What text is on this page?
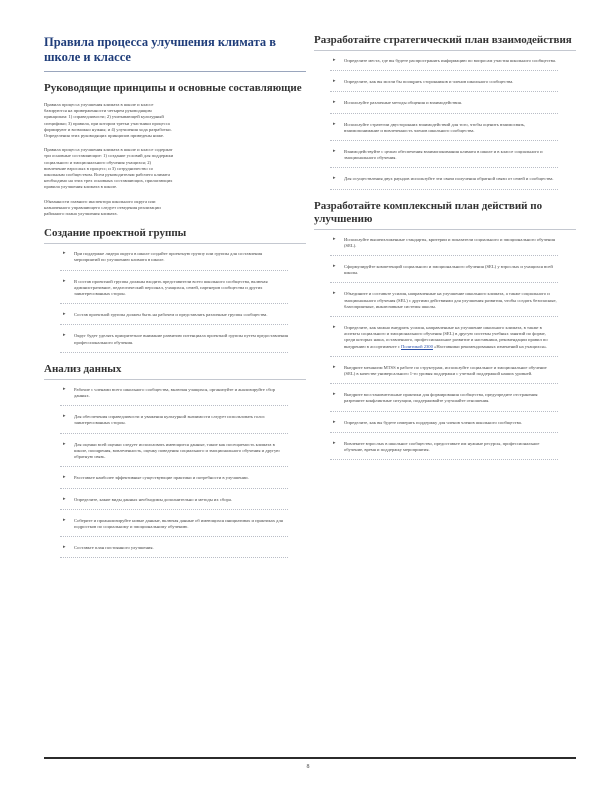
Правила процесса улучшения климата в школе и классе
Руководящие принципы и основные составляющие
Правила процесса улучшения климата в школе и классе базируются на приверженности четырем руководящим принципам: 1) справедливости; 2) учитывающей культурный специфики; 3) правила, при котором третьи участники процесса формируют и возможно нужны; и 4) улучшения хода разработки. Определения этих руководящих принципов приведены ниже.
Правила процесса улучшения климата в школе и классе содержат три основные составляющие: 1) создание условий для поддержки социального и эмоционального обучения учащихся; 2) вовлечение взрослых в процесс; и 3) сотрудничество со школьным сообществом. Всем руководителям рабочего климата необходимо на этих трех основных составляющих, прилагающих правила улучшения климата в школе.
Обязанности главного инспектора школьного округа или назначенного управляющего следует отведения реализации районного плана улучшения климата.
Создание проектной группы
▸ При поддержке лидера округа в школе создайте проектную группу или группы для составления мероприятий по улучшению климата в школе.
▸ В состав проектной группы должны входить представители всего школьного сообщества, включая административное, педагогический персонал, учащихся, семей, партнеров сообщества и других заинтересованных сторон.
▸ Состав проектной группы должен быть на рабочем и представлять различные группы сообщества.
▸ Округ будет уделять приоритетное внимание развитию потенциала проектной группы путем предоставления профессионального обучения.
Анализ данных
▸ Рабочие с членами всего школьного сообщества, включая учащихся, организуйте и анализируйте сбор данных.
▸ Для обеспечения справедливости и уважения культурной значимости следует использовать голос заинтересованных сторон.
▸ Для оценки всей оценки следует использовать имеющиеся данные, такие как посещаемость климата в школе, поощрения, вовлеченность, оценку поведения социального и эмоционального обучения и другую обратную связь.
▸ Расставьте наиболее эффективные существующие практики и потребности в улучшении.
▸ Определите, какие виды данных необходимы дополнительно и методы их сбора.
▸ Соберите и проанализируйте новые данные, включая данные об имеющихся инициативах и практиках для подростков по социальному и эмоциональному обучению.
▸ Составьте план постоянного улучшения.
Разработайте стратегический план взаимодействия
▸ Определите места, где вы будете распространять информацию по вопросам участия школьного сообщества.
▸ Определите, как вы могли бы поощрять сторонников и членов школьного сообщества.
▸ Используйте различные методы общения и взаимодействия.
▸ Используйте стратегии двусторонних взаимодействий для того, чтобы оценить взаимосвязь, взаимопонимание и вовлеченность членов школьного сообщества.
▸ Взаимодействуйте с целью обеспечения взаимопонимания климата в школе и в классе социального и эмоционального обучения.
▸ Для осуществления двух раундов используйте эти связи получения обратной связи от семей и сообщества.
Разработайте комплексный план действий по улучшению
▸ Используйте вышеизложенные стандарты, критерии и показатели социального и эмоционального обучения (SEL).
▸ Сформулируйте компетенций социального и эмоционального обучения (SEL) у взрослых и учащихся всей школы.
▸ Объедините и составьте усилия, направленные на улучшение школьного климата, а также социального и эмоционального обучения (SEL) с другими действиями для улучшения развития, чтобы создать безопасные, благоприятные, инклюзивные системы школы.
▸ Определите, как можно внедрить усилия, направленные на улучшение школьного климата, в также в аспекты социального и эмоционального обучения (SEL) в другую системы учебных занятий по форме, среди которых наша, оставленного, профессиональное развитие и наставники, рекомендации правил по внедрению в ассортименте с Политикой 2300 «Наставники рекомендованных изменений на учащихся».
▸ Внедрите механизм MTSS в работе по структурам, используйте социальное и эмоциональное обучение (SEL) в качестве универсального 1-го уровня поддержки с учетной поддержкой наших уровней.
▸ Внедрите восстановительные практики для формирования сообщества, предупредите отстранения разрешите конфликтные ситуации, поддерживайте улучшайте отношения.
▸ Определите, как вы будете измерять поддержку для членов членов школьного сообщества.
▸ Вовлеките взрослых в школьное сообщество, предоставьте им нужные ресурсы, профессиональное обучение, время и поддержку мероприятия.
8
